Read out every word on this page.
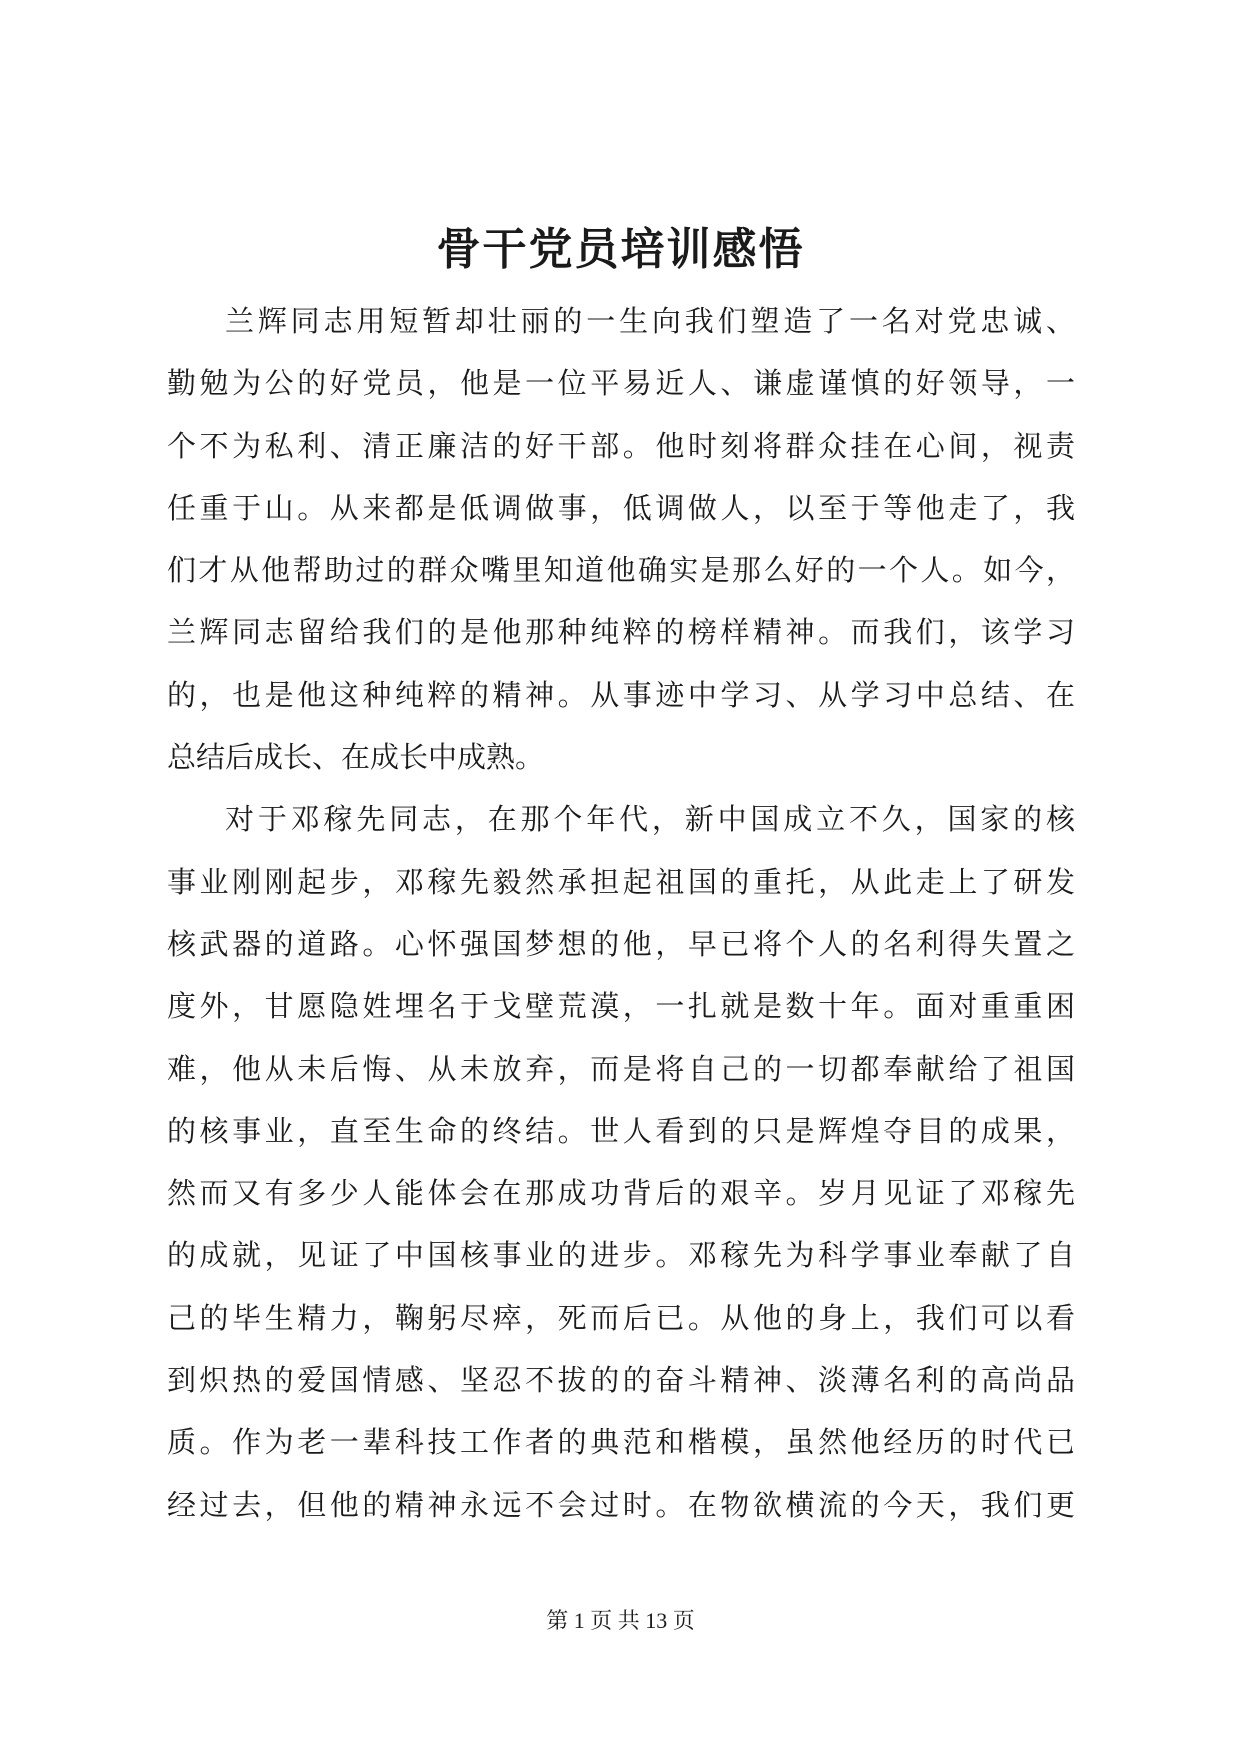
骨干党员培训感悟

兰辉同志用短暂却壮丽的一生向我们塑造了一名对党忠诚、
勤勉为公的好党员，他是一位平易近人、谦虚谨慎的好领导，一
个不为私利、清正廉洁的好干部。他时刻将群众挂在心间，视责
任重于山。从来都是低调做事，低调做人，以至于等他走了，我
们才从他帮助过的群众嘴里知道他确实是那么好的一个人。如今，
兰辉同志留给我们的是他那种纯粹的榜样精神。而我们，该学习
的，也是他这种纯粹的精神。从事迹中学习、从学习中总结、在
总结后成长、在成长中成熟。

对于邓稼先同志，在那个年代，新中国成立不久，国家的核
事业刚刚起步，邓稼先毅然承担起祖国的重托，从此走上了研发
核武器的道路。心怀强国梦想的他，早已将个人的名利得失置之
度外，甘愿隐姓埋名于戈壁荒漠，一扎就是数十年。面对重重困
难，他从未后悔、从未放弃，而是将自己的一切都奉献给了祖国
的核事业，直至生命的终结。世人看到的只是辉煌夺目的成果，
然而又有多少人能体会在那成功背后的艰辛。岁月见证了邓稼先
的成就，见证了中国核事业的进步。邓稼先为科学事业奉献了自
己的毕生精力，鞠躬尽瘁，死而后已。从他的身上，我们可以看
到炽热的爱国情感、坚忍不拔的的奋斗精神、淡薄名利的高尚品
质。作为老一辈科技工作者的典范和楷模，虽然他经历的时代已
经过去，但他的精神永远不会过时。在物欲横流的今天，我们更

第 1 页 共 13 页
